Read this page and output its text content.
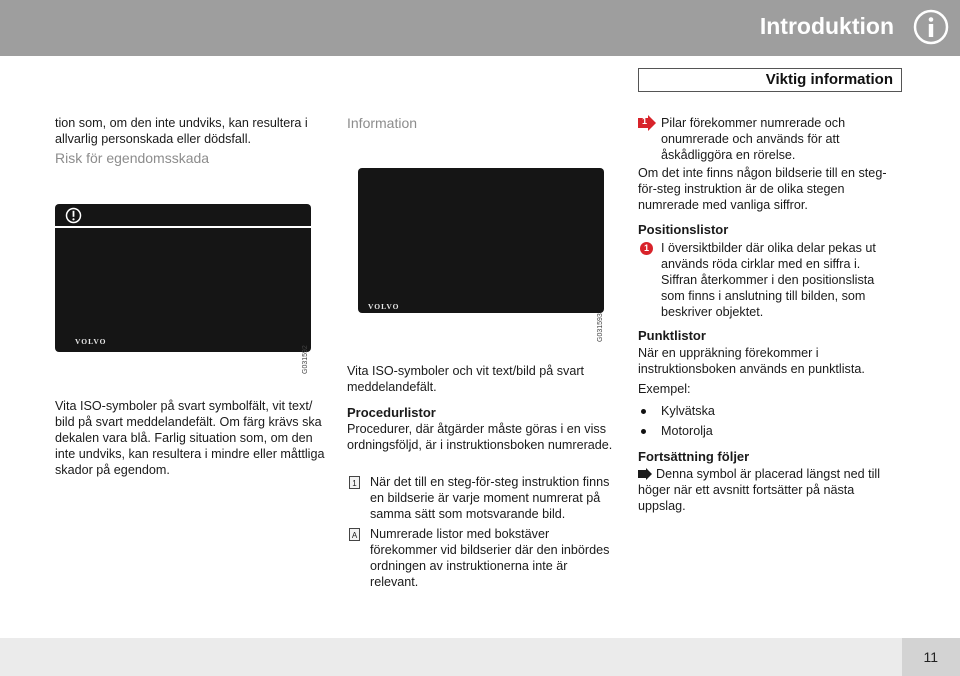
Introduktion
Viktig information

tion som, om den inte undviks, kan resultera i allvarlig personskada eller dödsfall.

Risk för egendomsskada

VOLVO
G031592

Vita ISO-symboler på svart symbolfält, vit text/ bild på svart meddelandefält. Om färg krävs ska dekalen vara blå. Farlig situation som, om den inte undviks, kan resultera i mindre eller måttliga skador på egendom.

Information

VOLVO
G031593

Vita ISO-symboler och vit text/bild på svart meddelandefält.

Procedurlistor

Procedurer, där åtgärder måste göras i en viss ordningsföljd, är i instruktionsboken numrerade.

1 När det till en steg-för-steg instruktion finns en bildserie är varje moment numrerat på samma sätt som motsvarande bild.

A Numrerade listor med bokstäver förekommer vid bildserier där den inbördes ordningen av instruktionerna inte är relevant.

1 Pilar förekommer numrerade och onumrerade och används för att åskådliggöra en rörelse.

Om det inte finns någon bildserie till en steg-för-steg instruktion är de olika stegen numrerade med vanliga siffror.

Positionslistor

1 I översiktbilder där olika delar pekas ut används röda cirklar med en siffra i. Siffran återkommer i den positionslista som finns i anslutning till bilden, som beskriver objektet.

Punktlistor

När en uppräkning förekommer i instruktionsboken används en punktlista.

Exempel:

Kylvätska

Motorolja

Fortsättning följer

Denna symbol är placerad längst ned till höger när ett avsnitt fortsätter på nästa uppslag.

11
